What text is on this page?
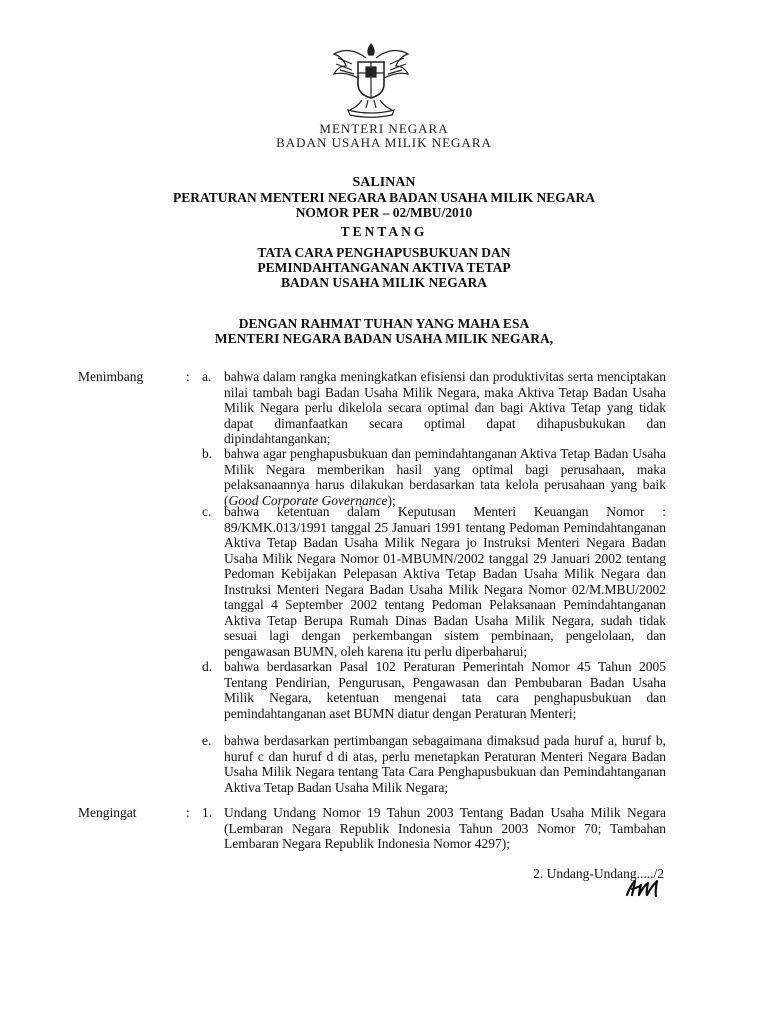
MENTERI NEGARA
BADAN USAHA MILIK NEGARA
SALINAN
PERATURAN MENTERI NEGARA BADAN USAHA MILIK NEGARA
NOMOR PER – 02/MBU/2010
TENTANG
TATA CARA PENGHAPUSBUKUAN DAN
PEMINDAHTANGANAN AKTIVA TETAP
BADAN USAHA MILIK NEGARA
DENGAN RAHMAT TUHAN YANG MAHA ESA
MENTERI NEGARA BADAN USAHA MILIK NEGARA,
Menimbang	: a. bahwa dalam rangka meningkatkan efisiensi dan produktivitas serta menciptakan nilai tambah bagi Badan Usaha Milik Negara, maka Aktiva Tetap Badan Usaha Milik Negara perlu dikelola secara optimal dan bagi Aktiva Tetap yang tidak dapat dimanfaatkan secara optimal dapat dihapusbukukan dan dipindahtangankan;
b. bahwa agar penghapusbukuan dan pemindahtanganan Aktiva Tetap Badan Usaha Milik Negara memberikan hasil yang optimal bagi perusahaan, maka pelaksanaannya harus dilakukan berdasarkan tata kelola perusahaan yang baik (Good Corporate Governance);
c. bahwa ketentuan dalam Keputusan Menteri Keuangan Nomor : 89/KMK.013/1991 tanggal 25 Januari 1991 tentang Pedoman Pemindahtanganan Aktiva Tetap Badan Usaha Milik Negara jo Instruksi Menteri Negara Badan Usaha Milik Negara Nomor 01-MBUMN/2002 tanggal 29 Januari 2002 tentang Pedoman Kebijakan Pelepasan Aktiva Tetap Badan Usaha Milik Negara dan Instruksi Menteri Negara Badan Usaha Milik Negara Nomor 02/M.MBU/2002 tanggal 4 September 2002 tentang Pedoman Pelaksanaan Pemindahtanganan Aktiva Tetap Berupa Rumah Dinas Badan Usaha Milik Negara, sudah tidak sesuai lagi dengan perkembangan sistem pembinaan, pengelolaan, dan pengawasan BUMN, oleh karena itu perlu diperbaharui;
d. bahwa berdasarkan Pasal 102 Peraturan Pemerintah Nomor 45 Tahun 2005 Tentang Pendirian, Pengurusan, Pengawasan dan Pembubaran Badan Usaha Milik Negara, ketentuan mengenai tata cara penghapusbukuan dan pemindahtanganan aset BUMN diatur dengan Peraturan Menteri;
e. bahwa berdasarkan pertimbangan sebagaimana dimaksud pada huruf a, huruf b, huruf c dan huruf d di atas, perlu menetapkan Peraturan Menteri Negara Badan Usaha Milik Negara tentang Tata Cara Penghapusbukuan dan Pemindahtanganan Aktiva Tetap Badan Usaha Milik Negara;
Mengingat	: 1. Undang Undang Nomor 19 Tahun 2003 Tentang Badan Usaha Milik Negara (Lembaran Negara Republik Indonesia Tahun 2003 Nomor 70; Tambahan Lembaran Negara Republik Indonesia Nomor 4297);
2. Undang-Undang...../2
